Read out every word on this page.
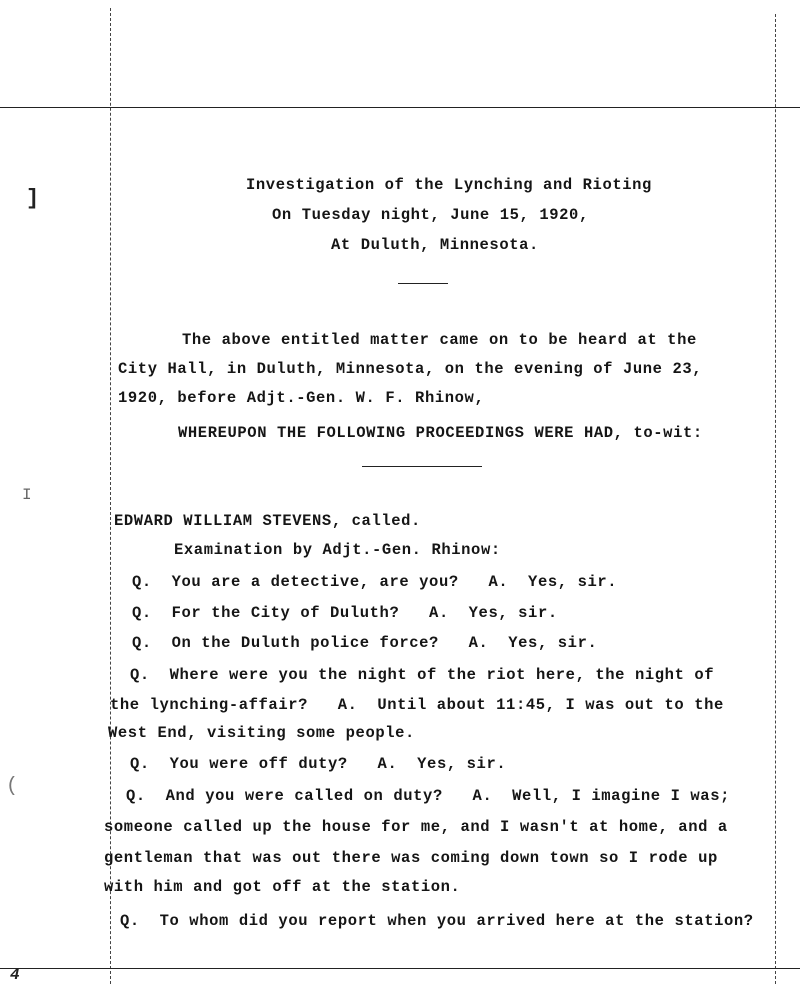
]
I
(
4
Investigation of the Lynching and Rioting
On Tuesday night, June 15, 1920,
At Duluth, Minnesota.
The above entitled matter came on to be heard at the
City Hall, in Duluth, Minnesota, on the evening of June 23,
1920, before Adjt.-Gen. W. F. Rhinow,
WHEREUPON THE FOLLOWING PROCEEDINGS WERE HAD, to-wit:
EDWARD WILLIAM STEVENS, called.
Examination by Adjt.-Gen. Rhinow:
Q.  You are a detective, are you?   A.  Yes, sir.
Q.  For the City of Duluth?   A.  Yes, sir.
Q.  On the Duluth police force?   A.  Yes, sir.
Q.  Where were you the night of the riot here, the night of
the lynching-affair?   A.  Until about 11:45, I was out to the
West End, visiting some people.
Q.  You were off duty?   A.  Yes, sir.
Q.  And you were called on duty?   A.  Well, I imagine I was;
someone called up the house for me, and I wasn't at home, and a
gentleman that was out there was coming down town so I rode up
with him and got off at the station.
Q.  To whom did you report when you arrived here at the station?
